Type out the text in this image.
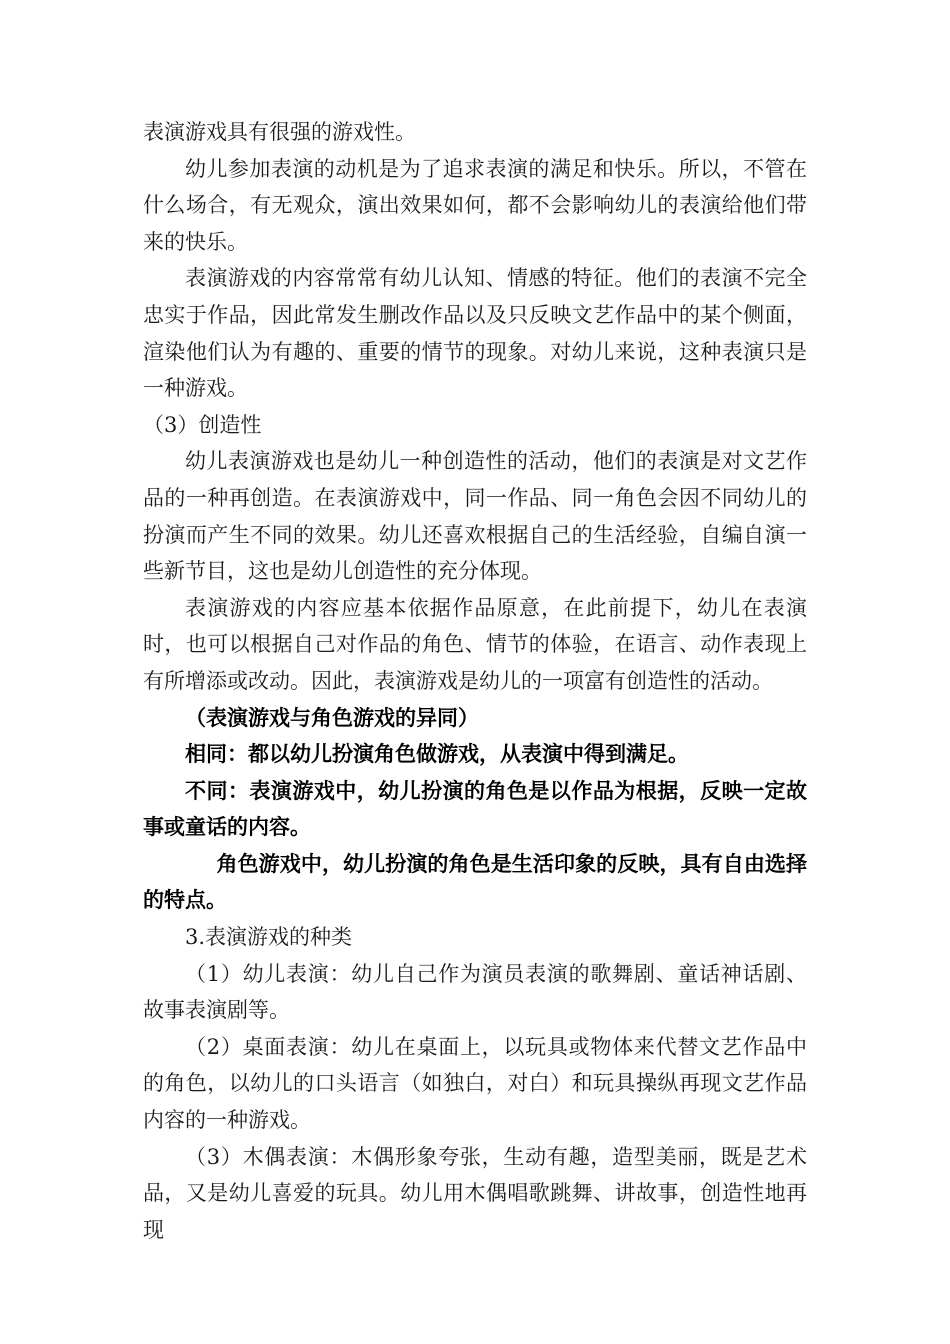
表演游戏具有很强的游戏性。

幼儿参加表演的动机是为了追求表演的满足和快乐。所以，不管在什么场合，有无观众，演出效果如何，都不会影响幼儿的表演给他们带来的快乐。

表演游戏的内容常常有幼儿认知、情感的特征。他们的表演不完全忠实于作品，因此常发生删改作品以及只反映文艺作品中的某个侧面，渲染他们认为有趣的、重要的情节的现象。对幼儿来说，这种表演只是一种游戏。

（3）创造性

幼儿表演游戏也是幼儿一种创造性的活动，他们的表演是对文艺作品的一种再创造。在表演游戏中，同一作品、同一角色会因不同幼儿的扮演而产生不同的效果。幼儿还喜欢根据自己的生活经验，自编自演一些新节目，这也是幼儿创造性的充分体现。

表演游戏的内容应基本依据作品原意，在此前提下，幼儿在表演时，也可以根据自己对作品的角色、情节的体验，在语言、动作表现上有所增添或改动。因此，表演游戏是幼儿的一项富有创造性的活动。

（表演游戏与角色游戏的异同）

相同：都以幼儿扮演角色做游戏，从表演中得到满足。

不同：表演游戏中，幼儿扮演的角色是以作品为根据，反映一定故事或童话的内容。

角色游戏中，幼儿扮演的角色是生活印象的反映，具有自由选择的特点。

3.表演游戏的种类

（1）幼儿表演：幼儿自己作为演员表演的歌舞剧、童话神话剧、故事表演剧等。

（2）桌面表演：幼儿在桌面上，以玩具或物体来代替文艺作品中的角色，以幼儿的口头语言（如独白，对白）和玩具操纵再现文艺作品内容的一种游戏。

（3）木偶表演：木偶形象夸张，生动有趣，造型美丽，既是艺术品，又是幼儿喜爱的玩具。幼儿用木偶唱歌跳舞、讲故事，创造性地再现
